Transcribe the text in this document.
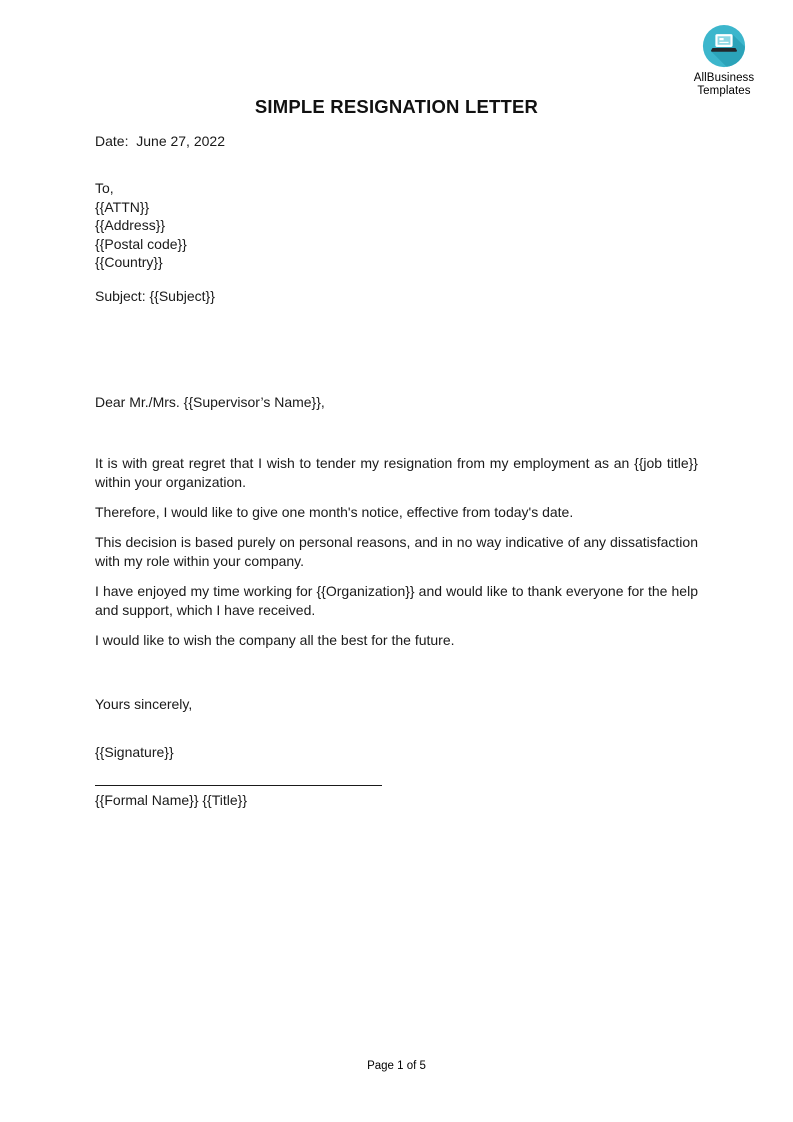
AllBusiness
Templates
SIMPLE RESIGNATION LETTER
Date:  June 27, 2022
To,
{{ATTN}}
{{Address}}
{{Postal code}}
{{Country}}
Subject: {{Subject}}
Dear Mr./Mrs. {{Supervisor’s Name}},

It is with great regret that I wish to tender my resignation from my employment as an {{job title}} within your organization.

Therefore, I would like to give one month's notice, effective from today's date.

This decision is based purely on personal reasons, and in no way indicative of any dissatisfaction with my role within your company.

I have enjoyed my time working for {{Organization}} and would like to thank everyone for the help and support, which I have received.

I would like to wish the company all the best for the future.

Yours sincerely,
{{Signature}}
{{Formal Name}} {{Title}}
Page 1 of 5
